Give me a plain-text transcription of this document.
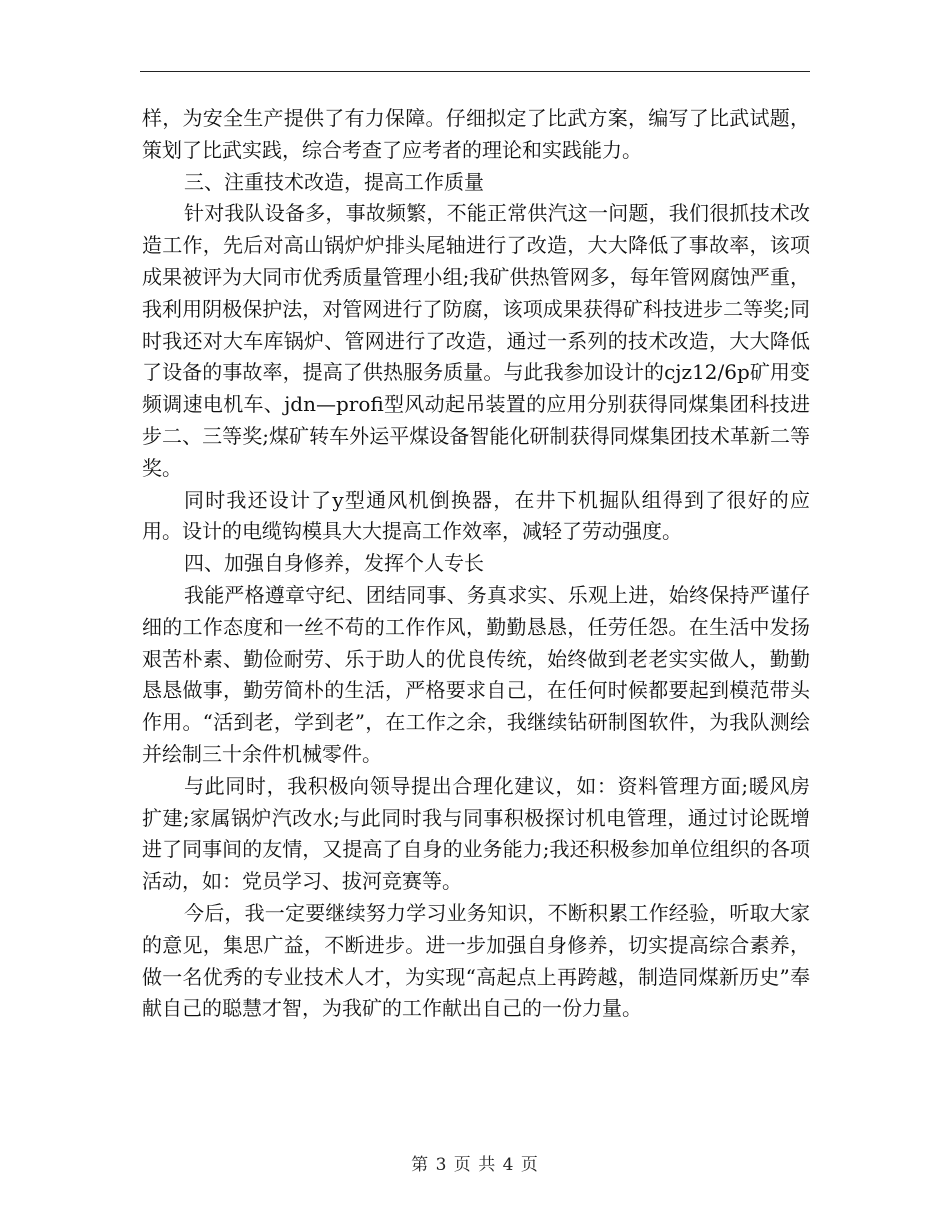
样，为安全生产提供了有力保障。仔细拟定了比武方案，编写了比武试题，策划了比武实践，综合考查了应考者的理论和实践能力。

三、注重技术改造，提高工作质量

针对我队设备多，事故频繁，不能正常供汽这一问题，我们很抓技术改造工作，先后对高山锅炉炉排头尾轴进行了改造，大大降低了事故率，该项成果被评为大同市优秀质量管理小组;我矿供热管网多，每年管网腐蚀严重，我利用阴极保护法，对管网进行了防腐，该项成果获得矿科技进步二等奖;同时我还对大车库锅炉、管网进行了改造，通过一系列的技术改造，大大降低了设备的事故率，提高了供热服务质量。与此我参加设计的cjz12/6p矿用变频调速电机车、jdn—profi型风动起吊装置的应用分别获得同煤集团科技进步二、三等奖;煤矿转车外运平煤设备智能化研制获得同煤集团技术革新二等奖。

同时我还设计了y型通风机倒换器，在井下机掘队组得到了很好的应用。设计的电缆钩模具大大提高工作效率，减轻了劳动强度。

四、加强自身修养，发挥个人专长

我能严格遵章守纪、团结同事、务真求实、乐观上进，始终保持严谨仔细的工作态度和一丝不苟的工作作风，勤勤恳恳，任劳任怨。在生活中发扬艰苦朴素、勤俭耐劳、乐于助人的优良传统，始终做到老老实实做人，勤勤恳恳做事，勤劳简朴的生活，严格要求自己，在任何时候都要起到模范带头作用。“活到老，学到老”，在工作之余，我继续钻研制图软件，为我队测绘并绘制三十余件机械零件。

与此同时，我积极向领导提出合理化建议，如：资料管理方面;暖风房扩建;家属锅炉汽改水;与此同时我与同事积极探讨机电管理，通过讨论既增进了同事间的友情，又提高了自身的业务能力;我还积极参加单位组织的各项活动，如：党员学习、拔河竞赛等。

今后，我一定要继续努力学习业务知识，不断积累工作经验，听取大家的意见，集思广益，不断进步。进一步加强自身修养，切实提高综合素养，做一名优秀的专业技术人才，为实现“高起点上再跨越，制造同煤新历史”奉献自己的聪慧才智，为我矿的工作献出自己的一份力量。

第 3 页 共 4 页
